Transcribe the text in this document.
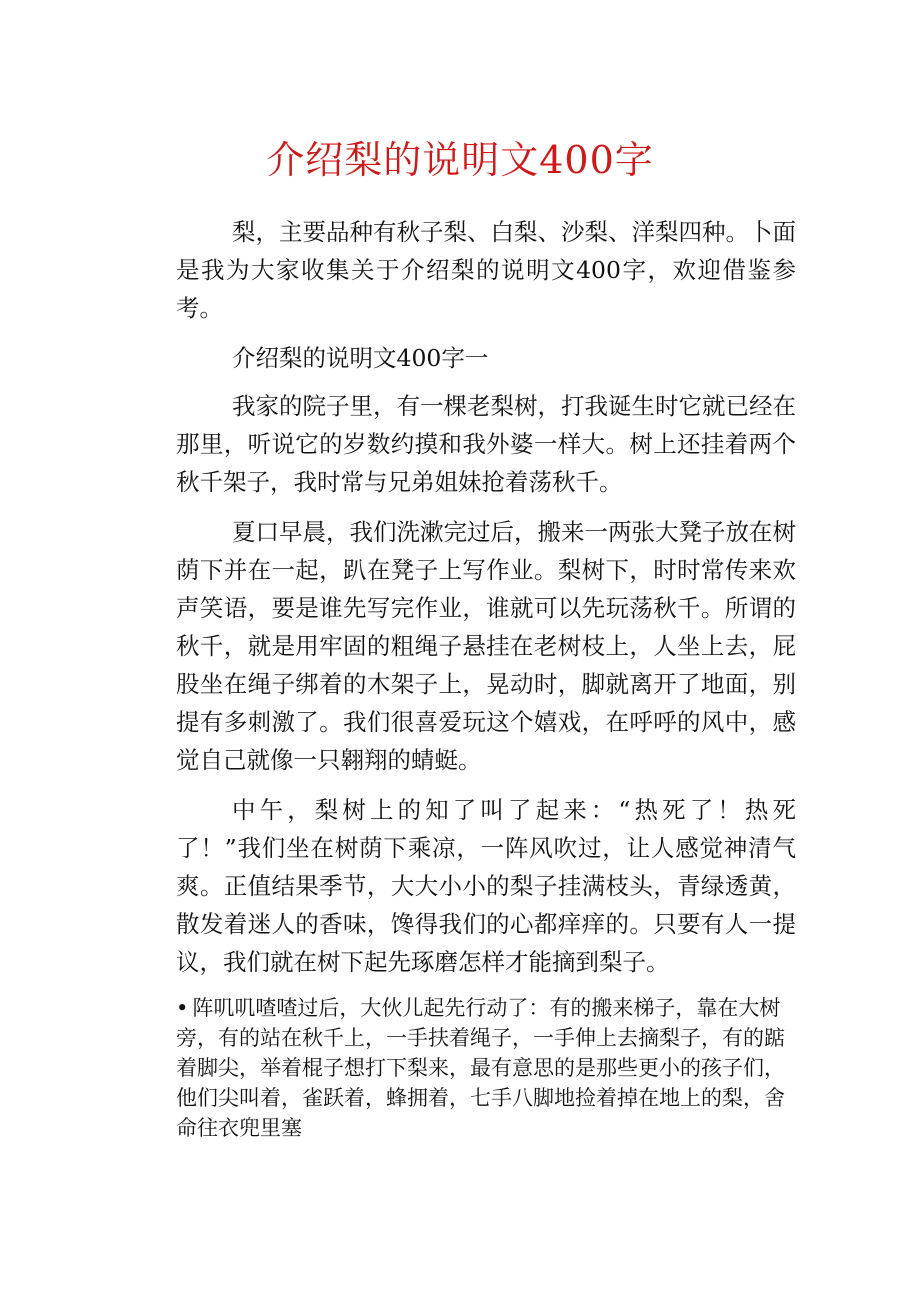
介绍梨的说明文400字

梨，主要品种有秋子梨、白梨、沙梨、洋梨四种。卜面是我为大家收集关于介绍梨的说明文400字，欢迎借鉴参考。

介绍梨的说明文400字一

我家的院子里，有一棵老梨树，打我诞生时它就已经在那里，听说它的岁数约摸和我外婆一样大。树上还挂着两个秋千架子，我时常与兄弟姐妹抢着荡秋千。

夏口早晨，我们洗漱完过后，搬来一两张大凳子放在树荫下并在一起，趴在凳子上写作业。梨树下，时时常传来欢声笑语，要是谁先写完作业，谁就可以先玩荡秋千。所谓的秋千，就是用牢固的粗绳子悬挂在老树枝上，人坐上去，屁股坐在绳子绑着的木架子上，晃动时，脚就离开了地面，别提有多刺激了。我们很喜爱玩这个嬉戏，在呼呼的风中，感觉自己就像一只翱翔的蜻蜓。

中午，梨树上的知了叫了起来：“热死了！热死了！”我们坐在树荫下乘凉，一阵风吹过，让人感觉神清气爽。正值结果季节，大大小小的梨子挂满枝头，青绿透黄，散发着迷人的香味，馋得我们的心都痒痒的。只要有人一提议，我们就在树下起先琢磨怎样才能摘到梨子。

• 阵叽叽喳喳过后，大伙儿起先行动了：有的搬来梯子，靠在大树
旁，有的站在秋千上，一手扶着绳子，一手伸上去摘梨子，有的踮
着脚尖，举着棍子想打下梨来，最有意思的是那些更小的孩子们，
他们尖叫着，雀跃着，蜂拥着，七手八脚地捡着掉在地上的梨，舍
命往衣兜里塞
